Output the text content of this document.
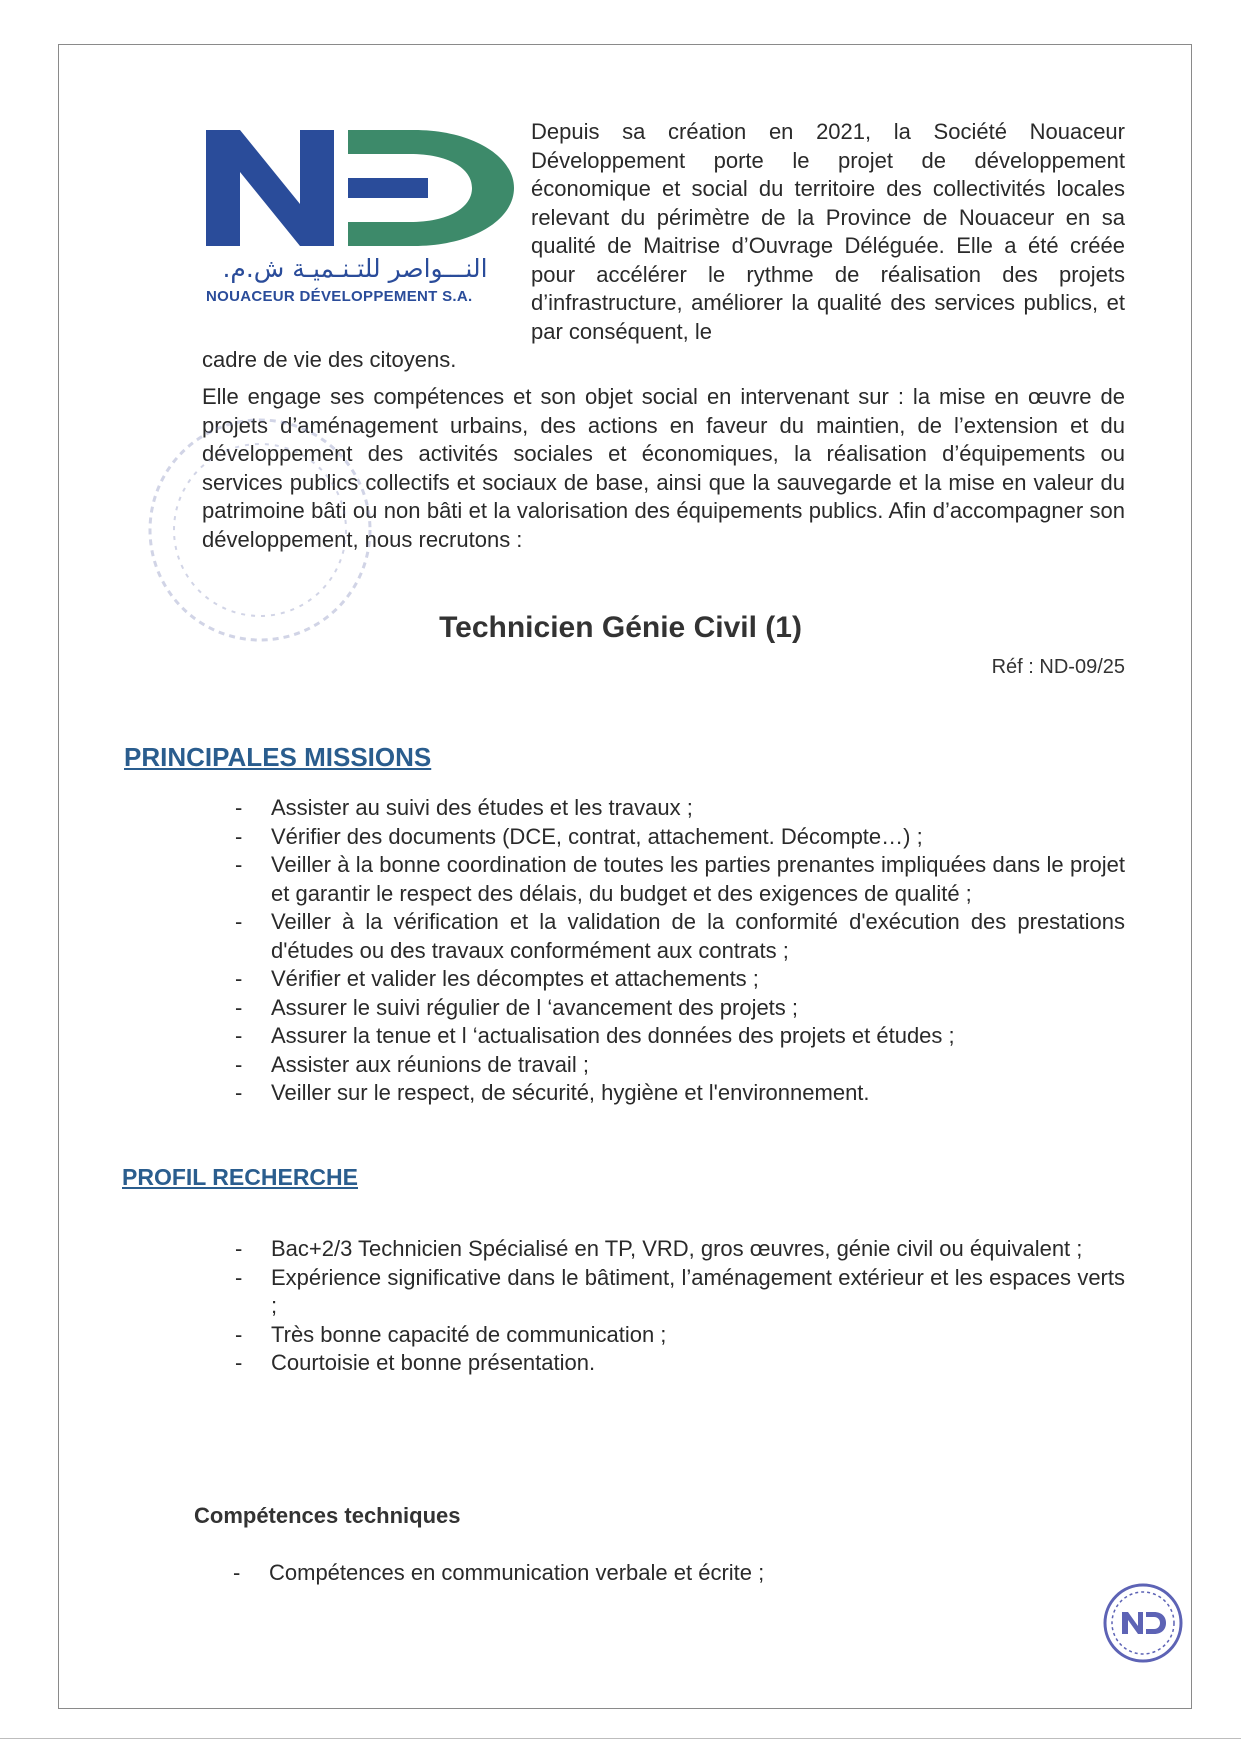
النـــواصر للتـنـميـة ش.م.
NOUACEUR DÉVELOPPEMENT S.A.

Depuis sa création en 2021, la Société Nouaceur Développement porte le projet de développement économique et social du territoire des collectivités locales relevant du périmètre de la Province de Nouaceur en sa qualité de Maitrise d’Ouvrage Déléguée. Elle a été créée pour accélérer le rythme de réalisation des projets d’infrastructure, améliorer la qualité des services publics, et par conséquent, le

cadre de vie des citoyens.

Elle engage ses compétences et son objet social en intervenant sur : la mise en œuvre de projets d’aménagement urbains, des actions en faveur du maintien, de l’extension et du développement des activités sociales et économiques, la réalisation d’équipements ou services publics collectifs et sociaux de base, ainsi que la sauvegarde et la mise en valeur du patrimoine bâti ou non bâti et la valorisation des équipements publics. Afin d’accompagner son développement, nous recrutons :

Technicien Génie Civil (1)
Réf : ND-09/25
PRINCIPALES MISSIONS
- Assister au suivi des études et les travaux ;
- Vérifier des documents (DCE, contrat, attachement. Décompte…) ;
- Veiller à la bonne coordination de toutes les parties prenantes impliquées dans le projet et garantir le respect des délais, du budget et des exigences de qualité ;
- Veiller à la vérification et la validation de la conformité d'exécution des prestations d'études ou des travaux conformément aux contrats ;
- Vérifier et valider les décomptes et attachements ;
- Assurer le suivi régulier de l ‘avancement des projets ;
- Assurer la tenue et l ‘actualisation des données des projets et études ;
- Assister aux réunions de travail ;
- Veiller sur le respect, de sécurité, hygiène et l'environnement.
PROFIL RECHERCHE
- Bac+2/3 Technicien Spécialisé en TP, VRD, gros œuvres, génie civil ou équivalent ;
- Expérience significative dans le bâtiment, l’aménagement extérieur et les espaces verts ;
- Très bonne capacité de communication ;
- Courtoisie et bonne présentation.
Compétences techniques
- Compétences en communication verbale et écrite ;
